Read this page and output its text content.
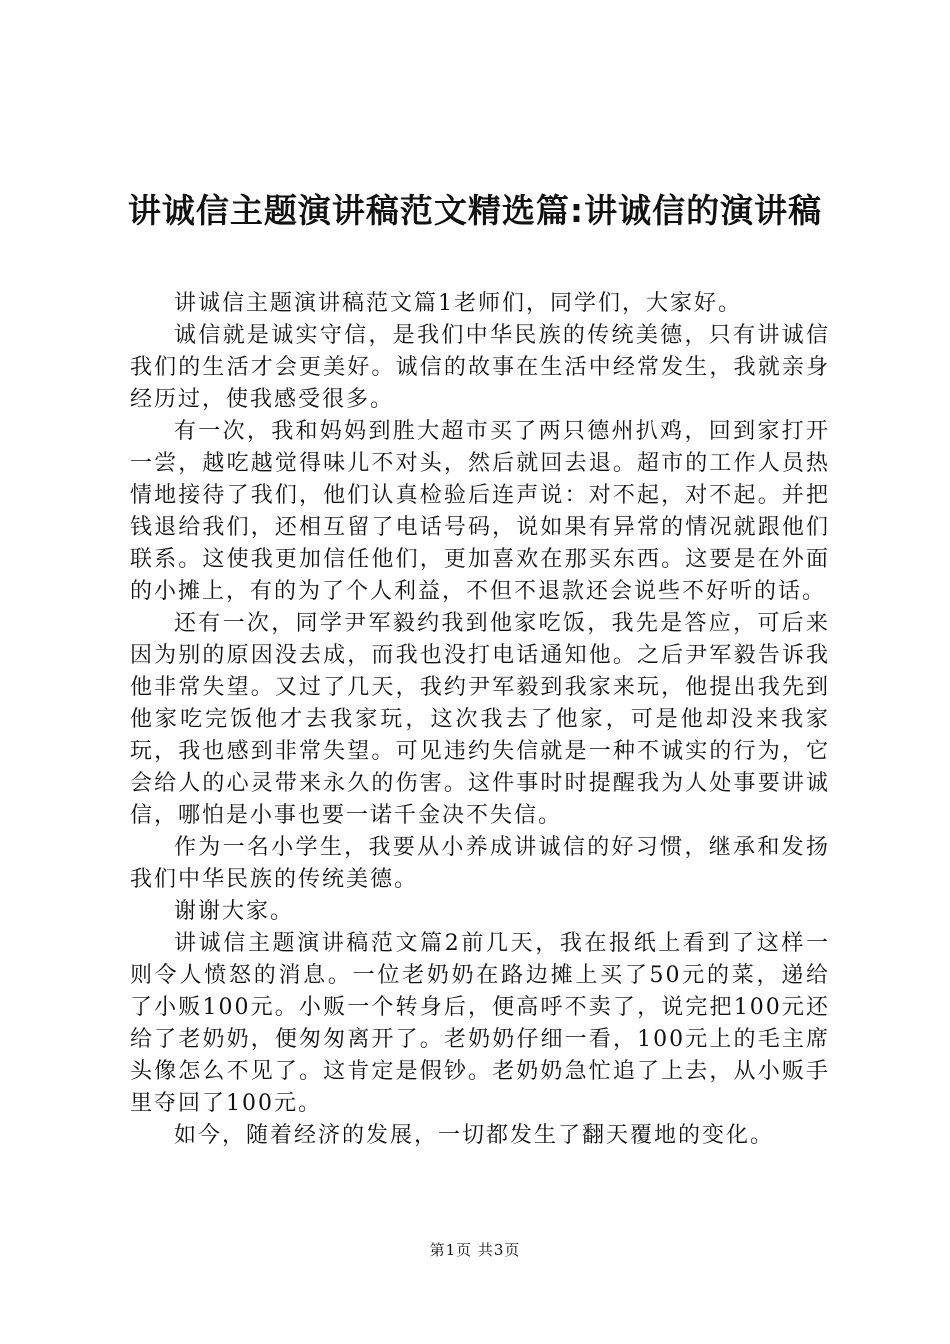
讲诚信主题演讲稿范文精选篇:讲诚信的演讲稿

讲诚信主题演讲稿范文篇1老师们，同学们，大家好。

诚信就是诚实守信，是我们中华民族的传统美德，只有讲诚信我们的生活才会更美好。诚信的故事在生活中经常发生，我就亲身经历过，使我感受很多。

有一次，我和妈妈到胜大超市买了两只德州扒鸡，回到家打开一尝，越吃越觉得味儿不对头，然后就回去退。超市的工作人员热情地接待了我们，他们认真检验后连声说：对不起，对不起。并把钱退给我们，还相互留了电话号码，说如果有异常的情况就跟他们联系。这使我更加信任他们，更加喜欢在那买东西。这要是在外面的小摊上，有的为了个人利益，不但不退款还会说些不好听的话。

还有一次，同学尹军毅约我到他家吃饭，我先是答应，可后来因为别的原因没去成，而我也没打电话通知他。之后尹军毅告诉我他非常失望。又过了几天，我约尹军毅到我家来玩，他提出我先到他家吃完饭他才去我家玩，这次我去了他家，可是他却没来我家玩，我也感到非常失望。可见违约失信就是一种不诚实的行为，它会给人的心灵带来永久的伤害。这件事时时提醒我为人处事要讲诚信，哪怕是小事也要一诺千金决不失信。

作为一名小学生，我要从小养成讲诚信的好习惯，继承和发扬我们中华民族的传统美德。

谢谢大家。

讲诚信主题演讲稿范文篇2前几天，我在报纸上看到了这样一则令人愤怒的消息。一位老奶奶在路边摊上买了50元的菜，递给了小贩100元。小贩一个转身后，便高呼不卖了，说完把100元还给了老奶奶，便匆匆离开了。老奶奶仔细一看，100元上的毛主席头像怎么不见了。这肯定是假钞。老奶奶急忙追了上去，从小贩手里夺回了100元。

如今，随着经济的发展，一切都发生了翻天覆地的变化。

第1页 共3页
